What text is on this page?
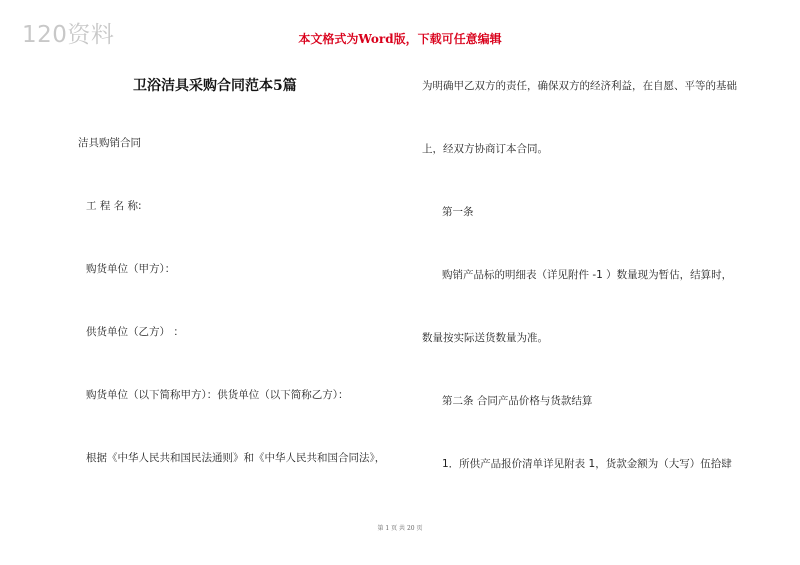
120资料	本文格式为Word版，下载可任意编辑
卫浴洁具采购合同范本5篇
洁具购销合同
工 程 名 称:
购货单位（甲方）：
供货单位（乙方） ：
购货单位（以下简称甲方）：供货单位（以下简称乙方）：
根据《中华人民共和国民法通则》和《中华人民共和国合同法》，
为明确甲乙双方的责任，确保双方的经济利益，在自愿、平等的基础
上，经双方协商订本合同。
第一条
购销产品标的明细表（详见附件 -1 ）数量现为暂估，结算时，
数量按实际送货数量为准。
第二条 合同产品价格与货款结算
1．所供产品报价清单详见附表 1，货款金额为（大写）伍拾肆
第 1 页 共 20 页
